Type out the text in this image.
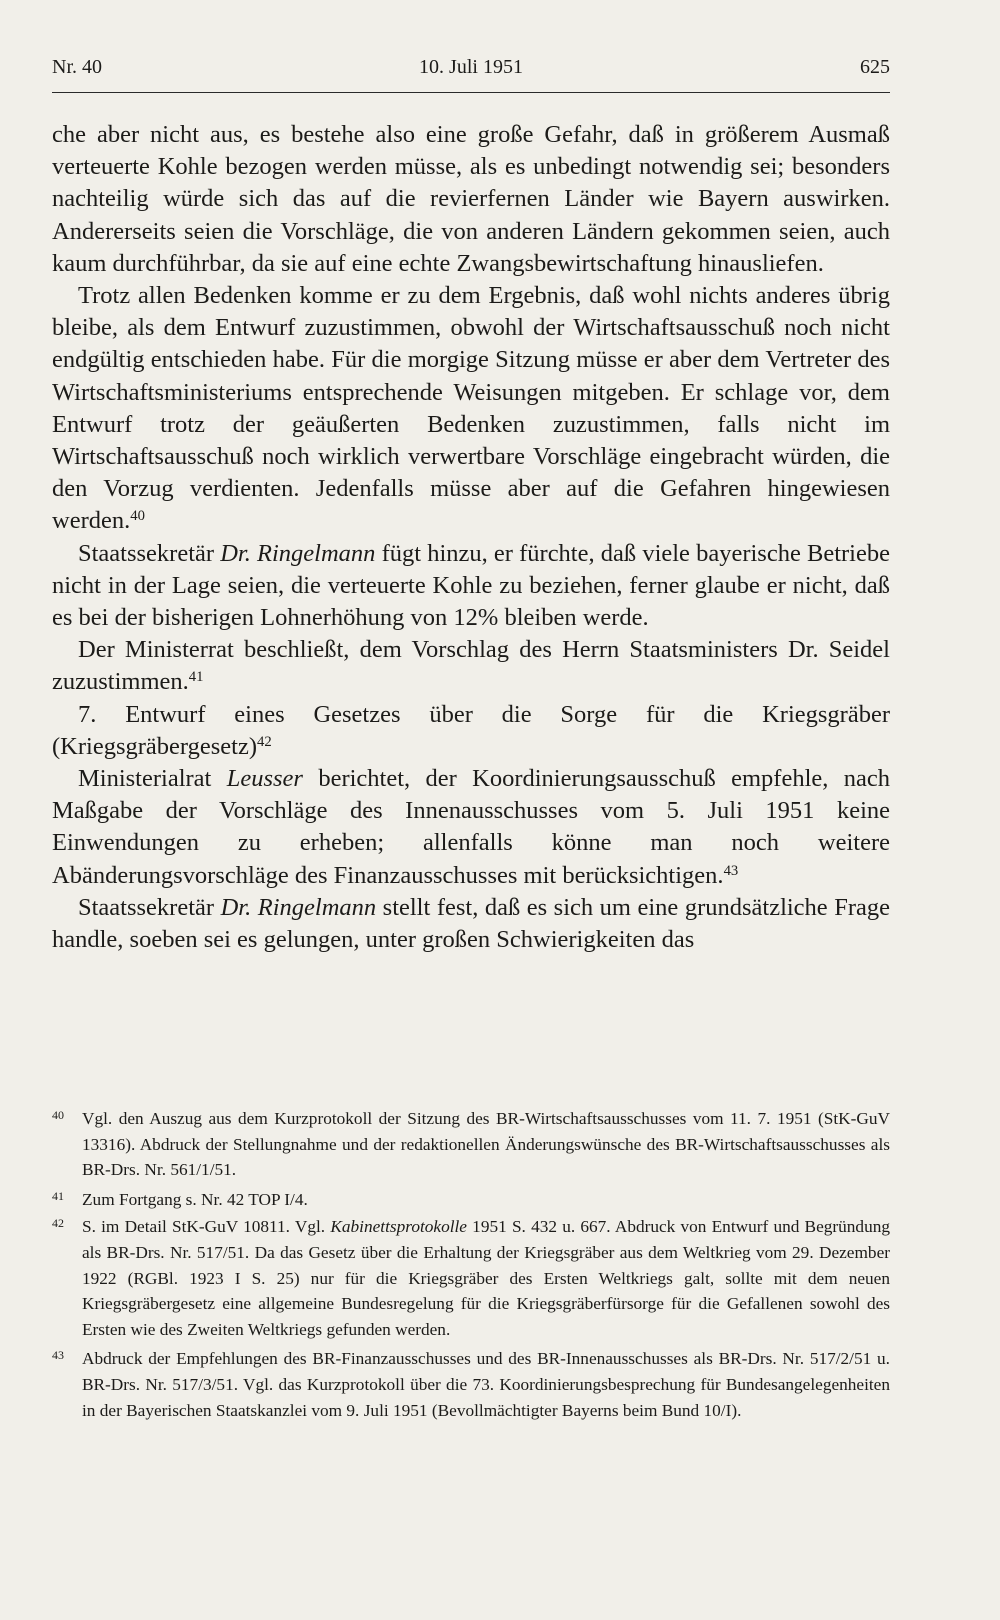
Nr. 40	10. Juli 1951	625

che aber nicht aus, es bestehe also eine große Gefahr, daß in größerem Ausmaß verteuerte Kohle bezogen werden müsse, als es unbedingt notwendig sei; besonders nachteilig würde sich das auf die revierfernen Länder wie Bayern auswirken. Andererseits seien die Vorschläge, die von anderen Ländern gekommen seien, auch kaum durchführbar, da sie auf eine echte Zwangsbewirtschaftung hinausliefen.

Trotz allen Bedenken komme er zu dem Ergebnis, daß wohl nichts anderes übrig bleibe, als dem Entwurf zuzustimmen, obwohl der Wirtschaftsausschuß noch nicht endgültig entschieden habe. Für die morgige Sitzung müsse er aber dem Vertreter des Wirtschaftsministeriums entsprechende Weisungen mitgeben. Er schlage vor, dem Entwurf trotz der geäußerten Bedenken zuzustimmen, falls nicht im Wirtschaftsausschuß noch wirklich verwertbare Vorschläge eingebracht würden, die den Vorzug verdienten. Jedenfalls müsse aber auf die Gefahren hingewiesen werden.$^{40}$

Staatssekretär Dr. Ringelmann fügt hinzu, er fürchte, daß viele bayerische Betriebe nicht in der Lage seien, die verteuerte Kohle zu beziehen, ferner glaube er nicht, daß es bei der bisherigen Lohnerhöhung von 12% bleiben werde.

Der Ministerrat beschließt, dem Vorschlag des Herrn Staatsministers Dr. Seidel zuzustimmen.$^{41}$

7. Entwurf eines Gesetzes über die Sorge für die Kriegsgräber (Kriegsgräbergesetz)$^{42}$

Ministerialrat Leusser berichtet, der Koordinierungsausschuß empfehle, nach Maßgabe der Vorschläge des Innenausschusses vom 5. Juli 1951 keine Einwendungen zu erheben; allenfalls könne man noch weitere Abänderungsvorschläge des Finanzausschusses mit berücksichtigen.$^{43}$

Staatssekretär Dr. Ringelmann stellt fest, daß es sich um eine grundsätzliche Frage handle, soeben sei es gelungen, unter großen Schwierigkeiten das

40 Vgl. den Auszug aus dem Kurzprotokoll der Sitzung des BR-Wirtschaftsausschusses vom 11. 7. 1951 (StK-GuV 13316). Abdruck der Stellungnahme und der redaktionellen Änderungswünsche des BR-Wirtschaftsausschusses als BR-Drs. Nr. 561/1/51.
41 Zum Fortgang s. Nr. 42 TOP I/4.
42 S. im Detail StK-GuV 10811. Vgl. Kabinettsprotokolle 1951 S. 432 u. 667. Abdruck von Entwurf und Begründung als BR-Drs. Nr. 517/51. Da das Gesetz über die Erhaltung der Kriegsgräber aus dem Weltkrieg vom 29. Dezember 1922 (RGBl. 1923 I S. 25) nur für die Kriegsgräber des Ersten Weltkriegs galt, sollte mit dem neuen Kriegsgräbergesetz eine allgemeine Bundesregelung für die Kriegsgräberfürsorge für die Gefallenen sowohl des Ersten wie des Zweiten Weltkriegs gefunden werden.
43 Abdruck der Empfehlungen des BR-Finanzausschusses und des BR-Innenausschusses als BR-Drs. Nr. 517/2/51 u. BR-Drs. Nr. 517/3/51. Vgl. das Kurzprotokoll über die 73. Koordinierungsbesprechung für Bundesangelegenheiten in der Bayerischen Staatskanzlei vom 9. Juli 1951 (Bevollmächtigter Bayerns beim Bund 10/I).
